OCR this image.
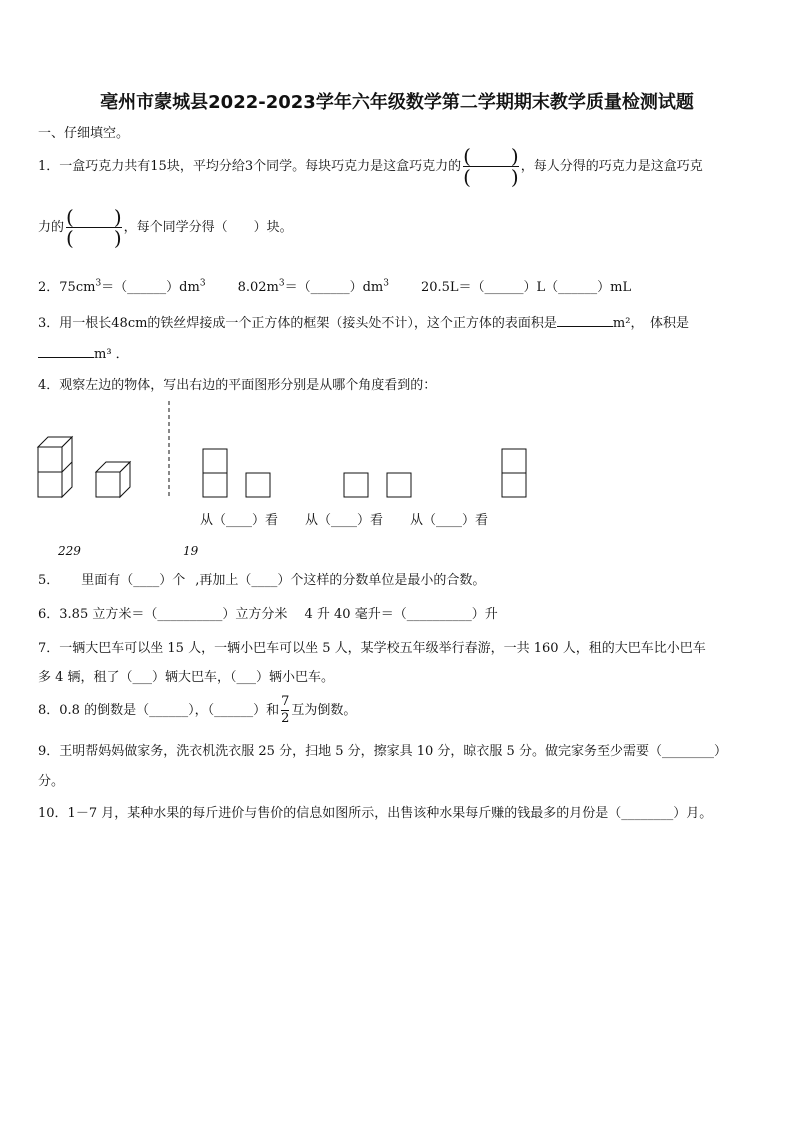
亳州市蒙城县2022-2023学年六年级数学第二学期期末教学质量检测试题
一、仔细填空。
1．一盒巧克力共有15块，平均分给3个同学。每块巧克力是这盒巧克力的 $\frac{( )}{( )}$ ，每人分得的巧克力是这盒巧克
力的 $\frac{( )}{( )}$ ，每个同学分得（　　）块。
2．$75cm^3=(\_\_\_\_\_\_)dm^3$ $8.02m^3=(\_\_\_\_\_\_)dm^3$ 20.5L＝（______）L（______）mL
3．用一根长48cm的铁丝焊接成一个正方体的框架（接头处不计），这个正方体的表面积是	m²，　体积是
m³ ．
4．观察左边的物体，写出右边的平面图形分别是从哪个角度看到的：
从（____）看 从（____）看 从（____）看
229	19
5． 里面有（____）个 ,再加上（____）个这样的分数单位是最小的合数。
6．3.85 立方米＝（__________）立方分米　 4 升 40 毫升＝（__________）升
7．一辆大巴车可以坐 15 人，一辆小巴车可以坐 5 人，某学校五年级举行春游，一共 160 人，租的大巴车比小巴车
多 4 辆，租了（___）辆大巴车，（___）辆小巴车。
8．0.8 的倒数是（______），（______）和 $\frac{7}{2}$ 互为倒数。
9．王明帮妈妈做家务，洗衣机洗衣服 25 分，扫地 5 分，擦家具 10 分，晾衣服 5 分。做完家务至少需要（________）
分。
10．1－7 月，某种水果的每斤进价与售价的信息如图所示，出售该种水果每斤赚的钱最多的月份是（________）月。
